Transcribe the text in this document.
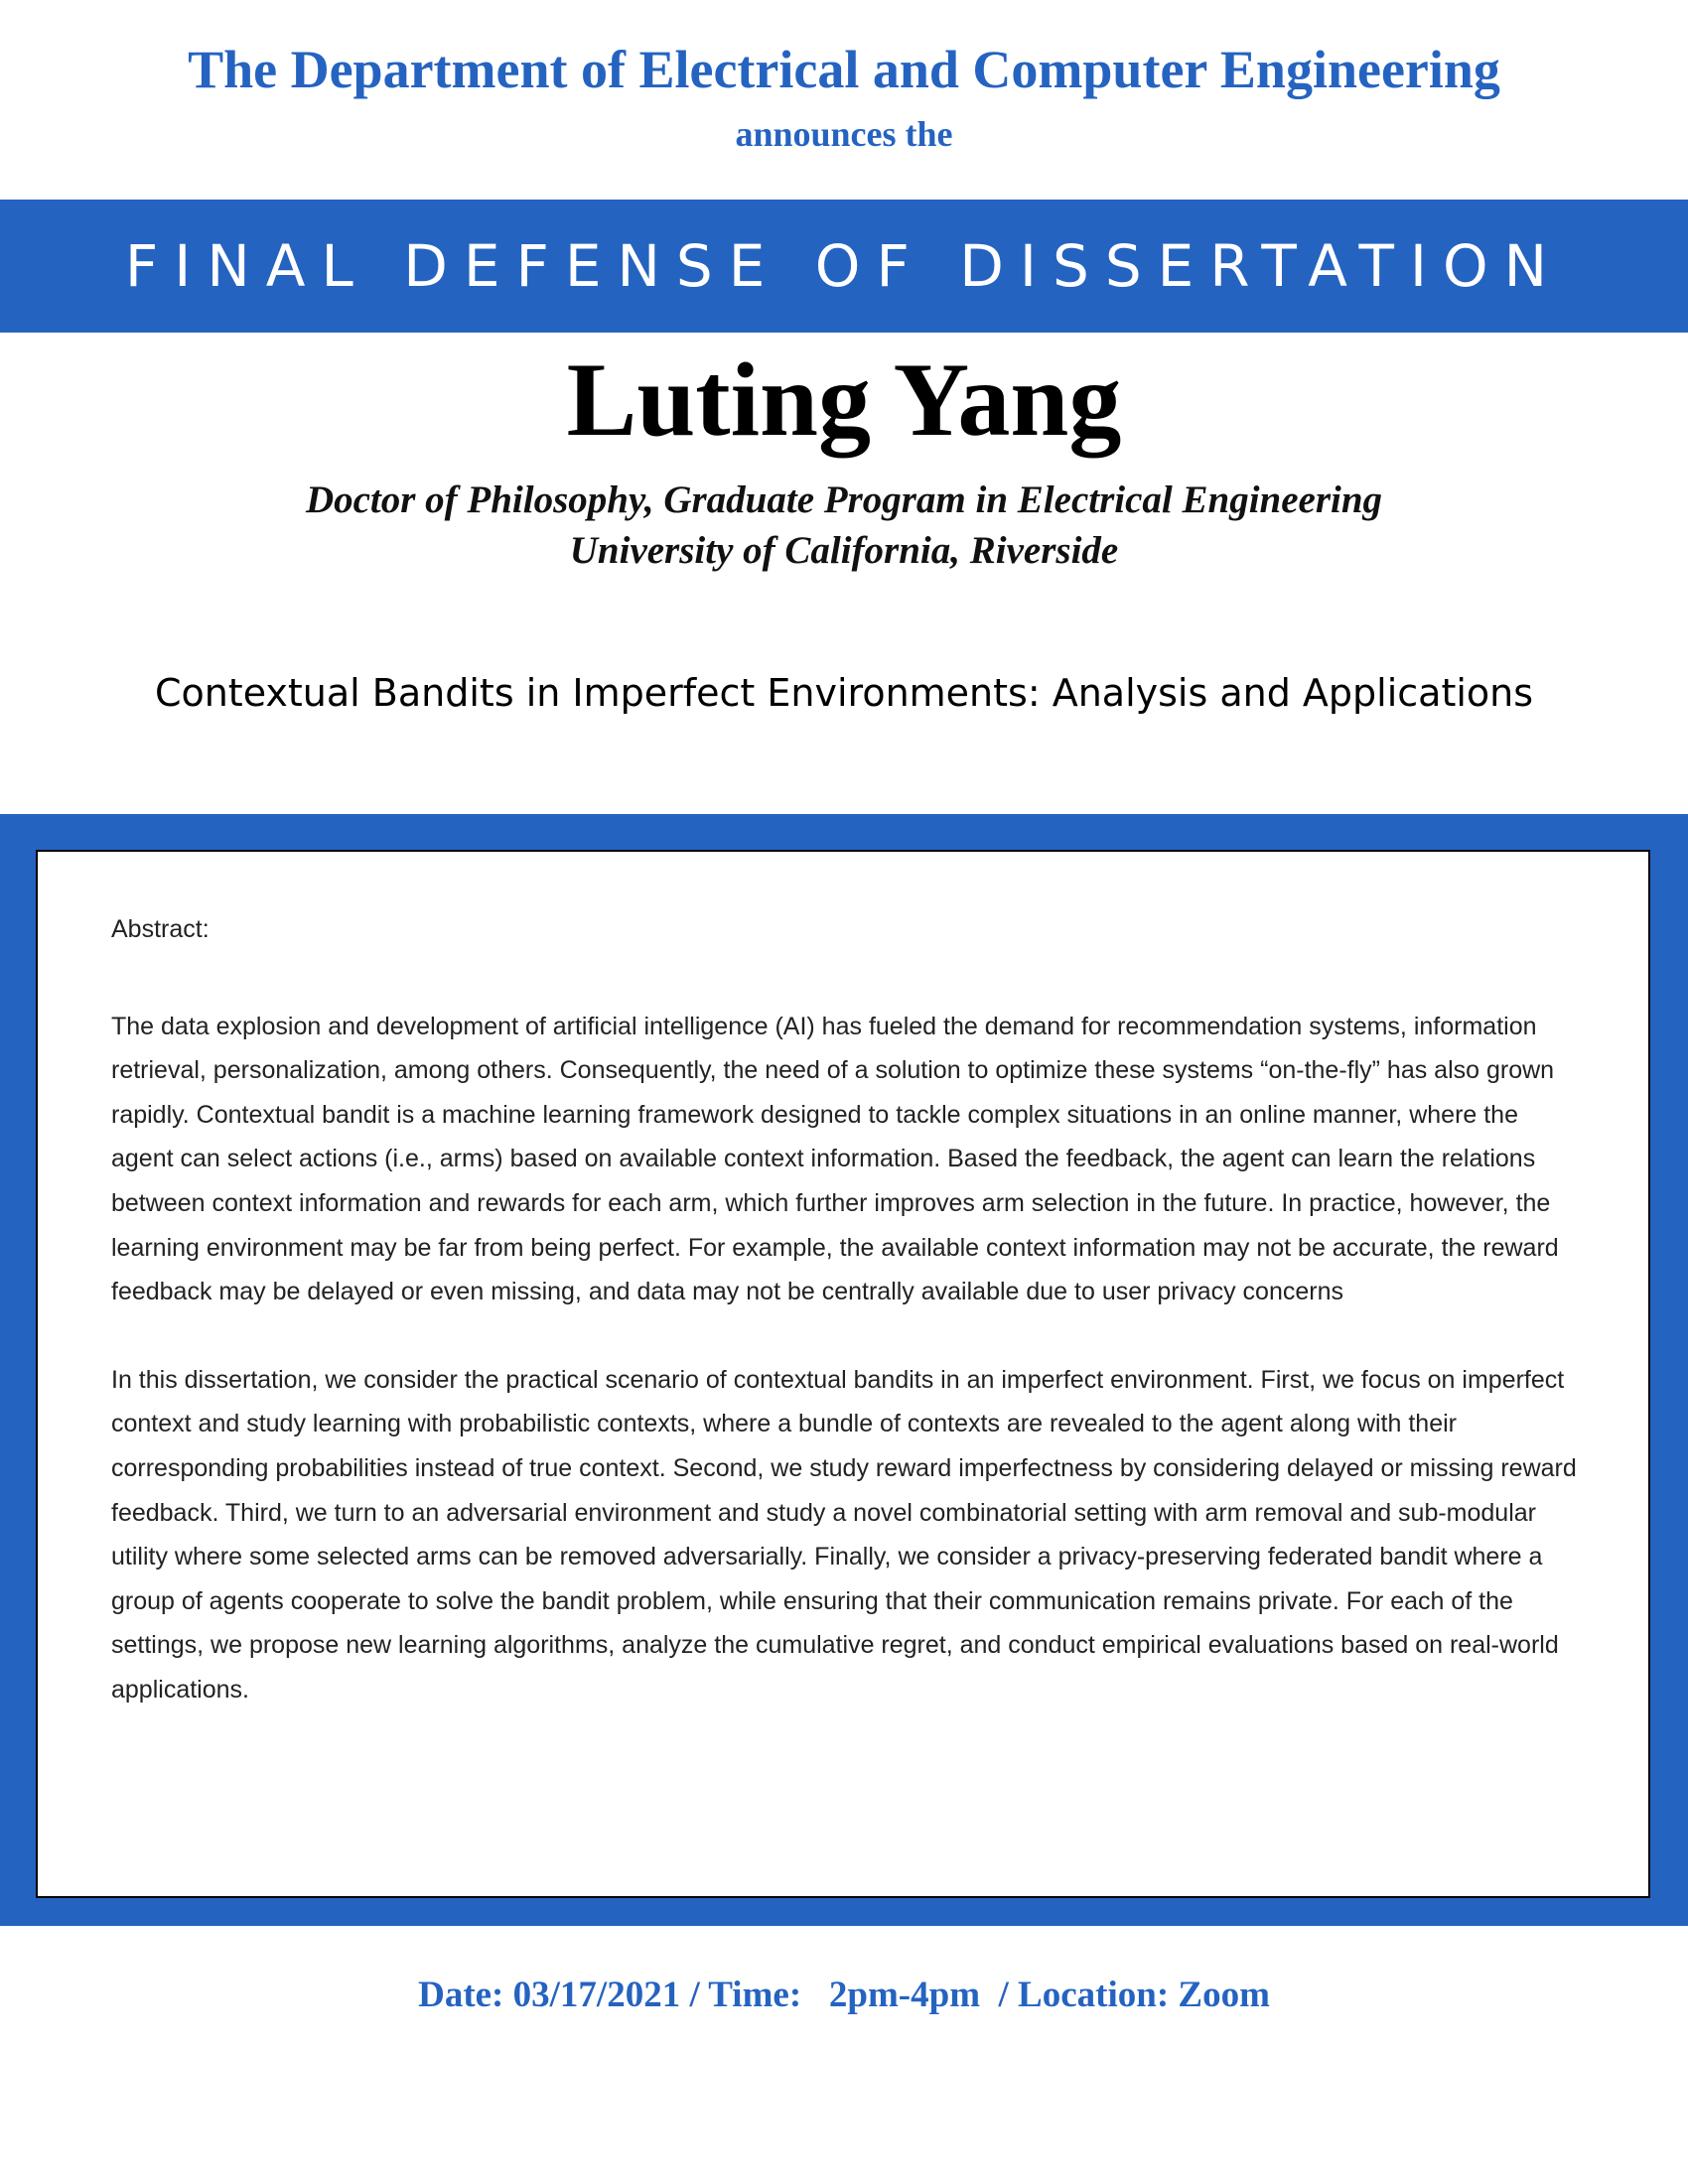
The Department of Electrical and Computer Engineering
announces the
FINAL DEFENSE OF DISSERTATION
Luting Yang
Doctor of Philosophy, Graduate Program in Electrical Engineering
University of California, Riverside
Contextual Bandits in Imperfect Environments: Analysis and Applications

Abstract:

The data explosion and development of artificial intelligence (AI) has fueled the demand for recommendation systems, information retrieval, personalization, among others. Consequently, the need of a solution to optimize these systems “on-the-fly” has also grown rapidly. Contextual bandit is a machine learning framework designed to tackle complex situations in an online manner, where the agent can select actions (i.e., arms) based on available context information. Based the feedback, the agent can learn the relations between context information and rewards for each arm, which further improves arm selection in the future. In practice, however, the learning environment may be far from being perfect. For example, the available context information may not be accurate, the reward feedback may be delayed or even missing, and data may not be centrally available due to user privacy concerns

In this dissertation, we consider the practical scenario of contextual bandits in an imperfect environment. First, we focus on imperfect context and study learning with probabilistic contexts, where a bundle of contexts are revealed to the agent along with their corresponding probabilities instead of true context. Second, we study reward imperfectness by considering delayed or missing reward feedback. Third, we turn to an adversarial environment and study a novel combinatorial setting with arm removal and sub-modular utility where some selected arms can be removed adversarially. Finally, we consider a privacy-preserving federated bandit where a group of agents cooperate to solve the bandit problem, while ensuring that their communication remains private. For each of the settings, we propose new learning algorithms, analyze the cumulative regret, and conduct empirical evaluations based on real-world applications.

Date: 03/17/2021 / Time:   2pm-4pm  / Location: Zoom
